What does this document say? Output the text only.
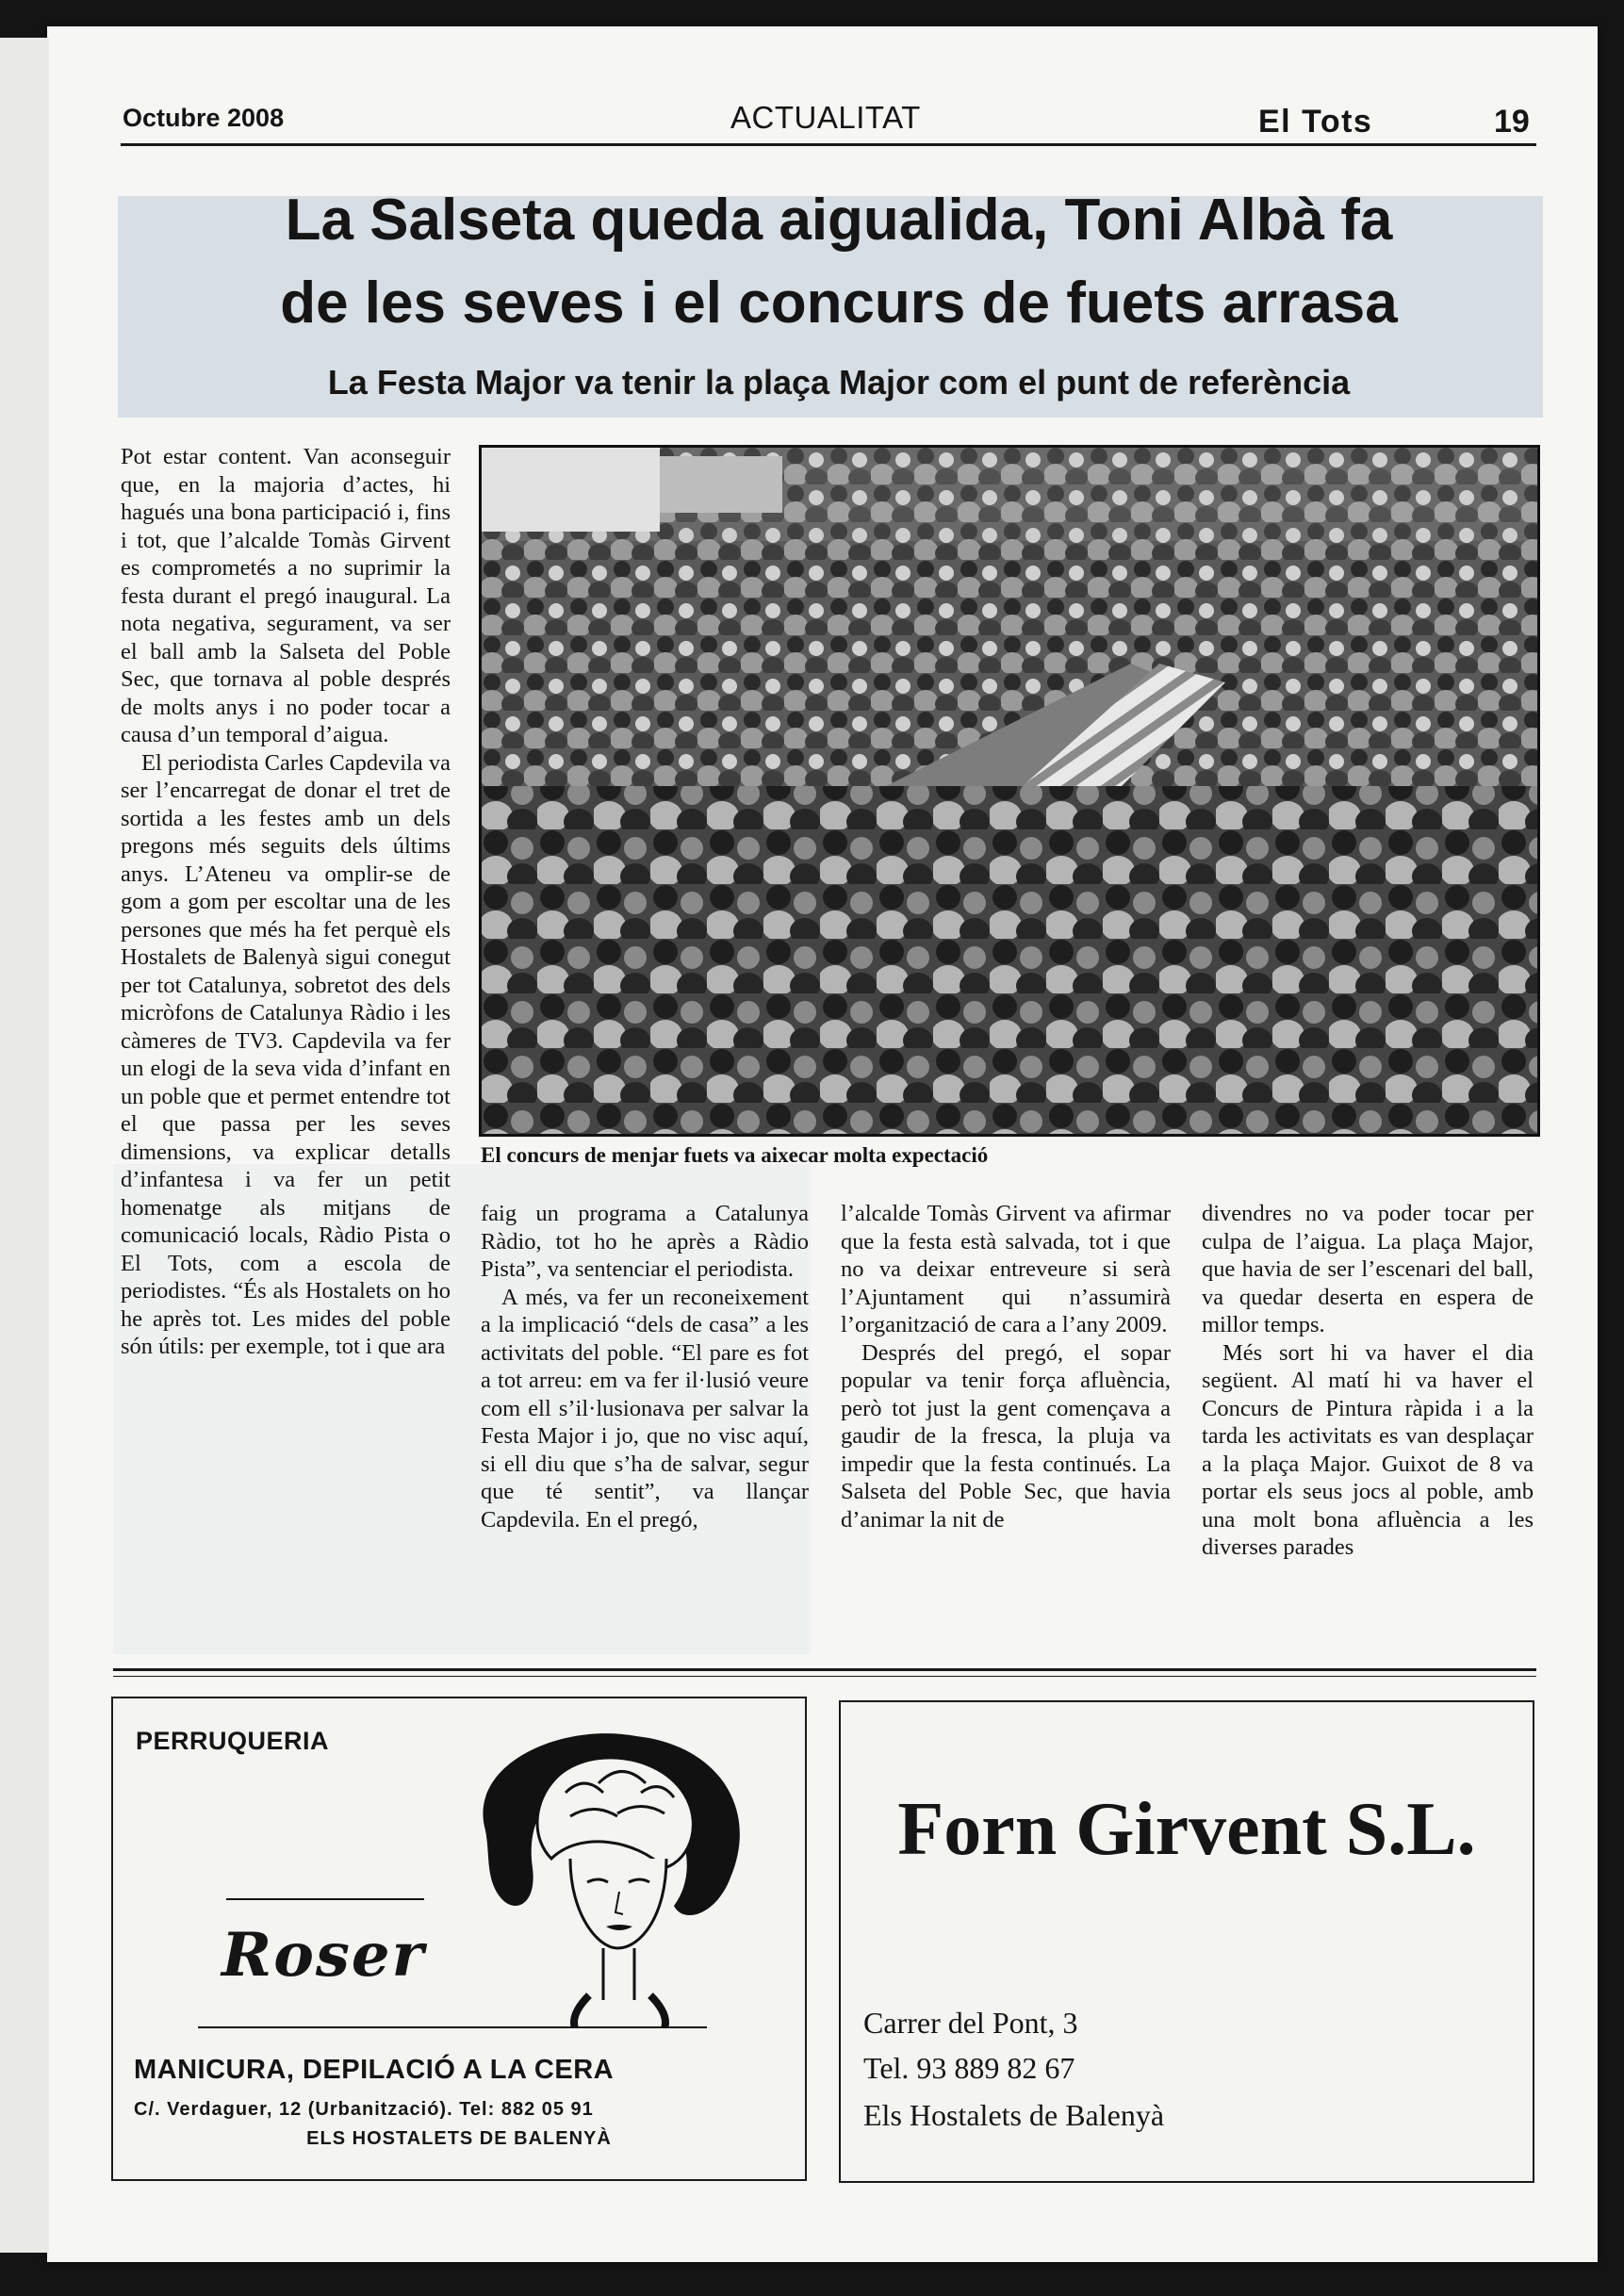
Octubre 2008	ACTUALITAT	El Tots	19
La Salseta queda aigualida, Toni Albà fa
de les seves i el concurs de fuets arrasa
La Festa Major va tenir la plaça Major com el punt de referència
El concurs de menjar fuets va aixecar molta expectació

Pot estar content. Van aconseguir que, en la majoria d’actes, hi hagués una bona participació i, fins i tot, que l’alcalde Tomàs Girvent es comprometés a no suprimir la festa durant el pregó inaugural. La nota negativa, segurament, va ser el ball amb la Salseta del Poble Sec, que tornava al poble després de molts anys i no poder tocar a causa d’un temporal d’aigua.

El periodista Carles Capdevila va ser l’encarregat de donar el tret de sortida a les festes amb un dels pregons més seguits dels últims anys. L’Ateneu va omplir-se de gom a gom per escoltar una de les persones que més ha fet perquè els Hostalets de Balenyà sigui conegut per tot Catalunya, sobretot des dels micròfons de Catalunya Ràdio i les càmeres de TV3. Capdevila va fer un elogi de la seva vida d’infant en un poble que et permet entendre tot el que passa per les seves dimensions, va explicar detalls d’infantesa i va fer un petit homenatge als mitjans de comunicació locals, Ràdio Pista o El Tots, com a escola de periodistes. “És als Hostalets on ho he après tot. Les mides del poble són útils: per exemple, tot i que ara

faig un programa a Catalunya Ràdio, tot ho he après a Ràdio Pista”, va sentenciar el periodista.

A més, va fer un reconeixement a la implicació “dels de casa” a les activitats del poble. “El pare es fot a tot arreu: em va fer il·lusió veure com ell s’il·lusionava per salvar la Festa Major i jo, que no visc aquí, si ell diu que s’ha de salvar, segur que té sentit”, va llançar Capdevila. En el pregó,

l’alcalde Tomàs Girvent va afirmar que la festa està salvada, tot i que no va deixar entreveure si serà l’Ajuntament qui n’assumirà l’organització de cara a l’any 2009.

Després del pregó, el sopar popular va tenir força afluència, però tot just la gent començava a gaudir de la fresca, la pluja va impedir que la festa continués. La Salseta del Poble Sec, que havia d’animar la nit de

divendres no va poder tocar per culpa de l’aigua. La plaça Major, que havia de ser l’escenari del ball, va quedar deserta en espera de millor temps.

Més sort hi va haver el dia següent. Al matí hi va haver el Concurs de Pintura ràpida i a la tarda les activitats es van desplaçar a la plaça Major. Guixot de 8 va portar els seus jocs al poble, amb una molt bona afluència a les diverses parades

PERRUQUERIA
Roser
MANICURA, DEPILACIÓ A LA CERA
C/. Verdaguer, 12 (Urbanització). Tel: 882 05 91
ELS HOSTALETS DE BALENYÀ
Forn Girvent S.L.
Carrer del Pont, 3
Tel. 93 889 82 67
Els Hostalets de Balenyà
